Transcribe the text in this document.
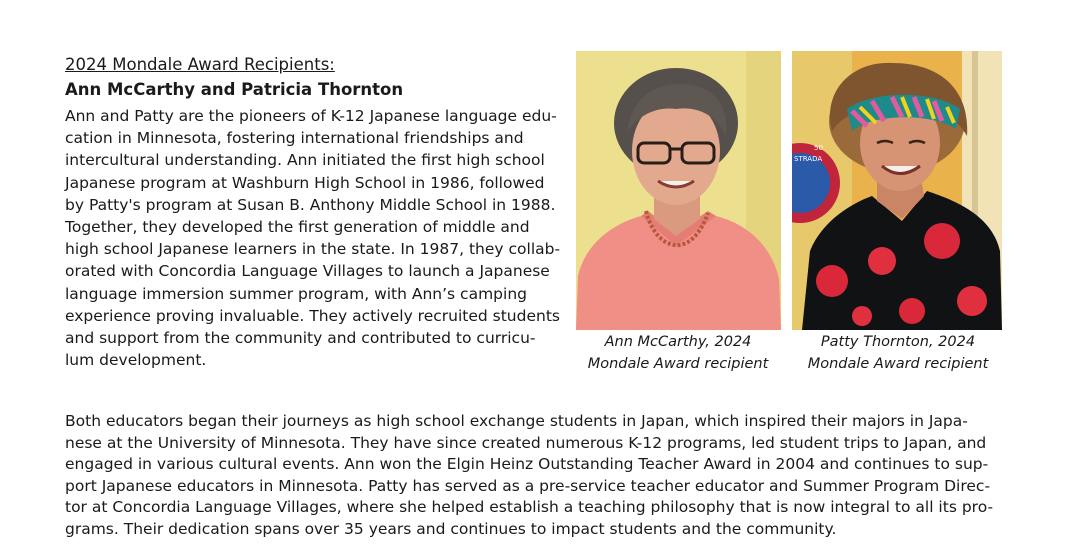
2024 Mondale Award Recipients:
Ann McCarthy and Patricia Thornton
Ann and Patty are the pioneers of K-12 Japanese language edu-
cation in Minnesota, fostering international friendships and
intercultural understanding. Ann initiated the first high school
Japanese program at Washburn High School in 1986, followed
by Patty's program at Susan B. Anthony Middle School in 1988.
Together, they developed the first generation of middle and
high school Japanese learners in the state. In 1987, they collab-
orated with Concordia Language Villages to launch a Japanese
language immersion summer program, with Ann’s camping
experience proving invaluable. They actively recruited students
and support from the community and contributed to curricu-
lum development.
50
STRADA
Ann McCarthy, 2024
Mondale Award recipient
Patty Thornton, 2024
Mondale Award recipient
Both educators began their journeys as high school exchange students in Japan, which inspired their majors in Japa-
nese at the University of Minnesota. They have since created numerous K-12 programs, led student trips to Japan, and
engaged in various cultural events. Ann won the Elgin Heinz Outstanding Teacher Award in 2004 and continues to sup-
port Japanese educators in Minnesota. Patty has served as a pre-service teacher educator and Summer Program Direc-
tor at Concordia Language Villages, where she helped establish a teaching philosophy that is now integral to all its pro-
grams. Their dedication spans over 35 years and continues to impact students and the community.
